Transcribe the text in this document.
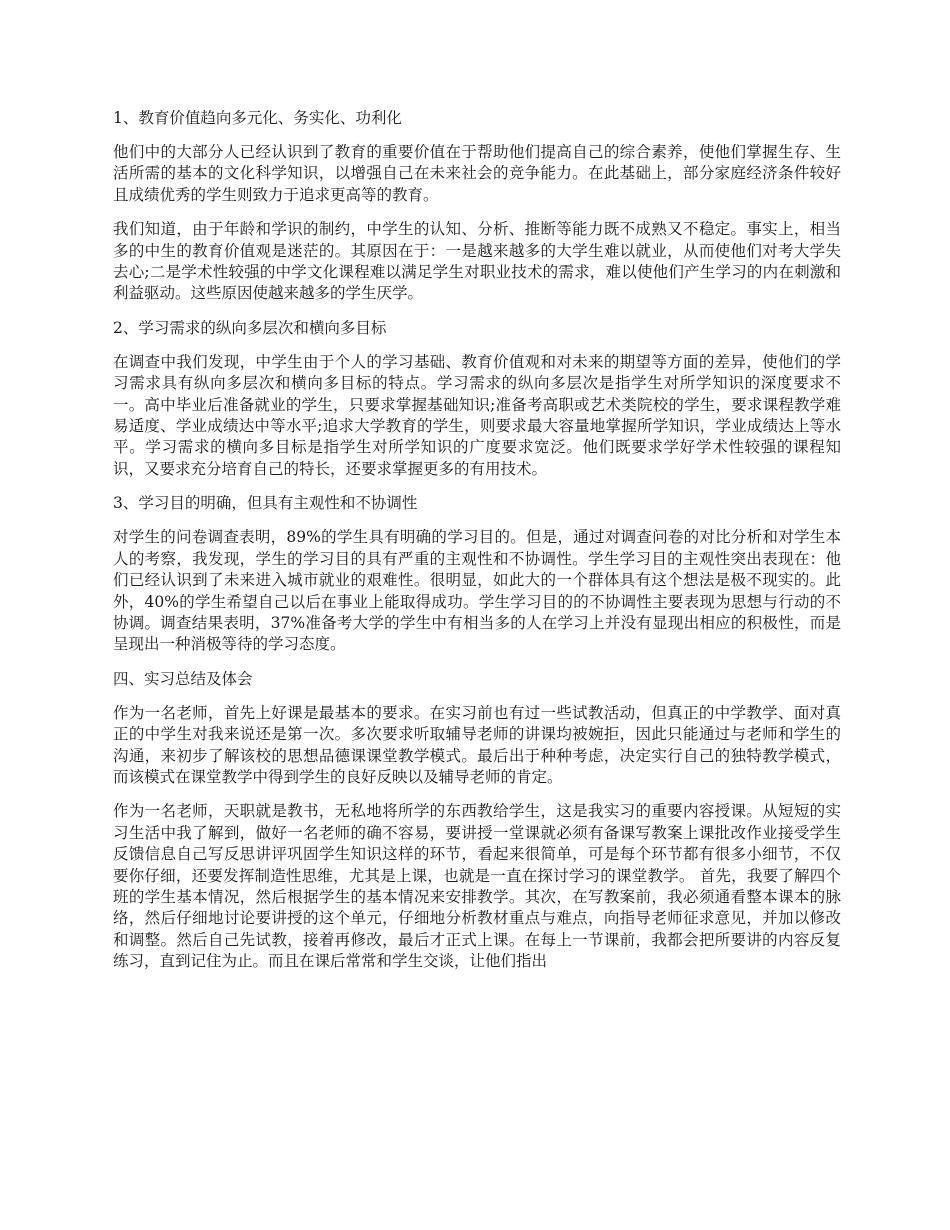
1、教育价值趋向多元化、务实化、功利化

他们中的大部分人已经认识到了教育的重要价值在于帮助他们提高自己的综合素养，使他们掌握生存、生活所需的基本的文化科学知识，以增强自己在未来社会的竞争能力。在此基础上，部分家庭经济条件较好且成绩优秀的学生则致力于追求更高等的教育。

我们知道，由于年龄和学识的制约，中学生的认知、分析、推断等能力既不成熟又不稳定。事实上，相当多的中生的教育价值观是迷茫的。其原因在于：一是越来越多的大学生难以就业，从而使他们对考大学失去心;二是学术性较强的中学文化课程难以满足学生对职业技术的需求，难以使他们产生学习的内在刺激和利益驱动。这些原因使越来越多的学生厌学。

2、学习需求的纵向多层次和横向多目标

在调查中我们发现，中学生由于个人的学习基础、教育价值观和对未来的期望等方面的差异，使他们的学习需求具有纵向多层次和横向多目标的特点。学习需求的纵向多层次是指学生对所学知识的深度要求不一。高中毕业后准备就业的学生，只要求掌握基础知识;准备考高职或艺术类院校的学生，要求课程教学难易适度、学业成绩达中等水平;追求大学教育的学生，则要求最大容量地掌握所学知识，学业成绩达上等水平。学习需求的横向多目标是指学生对所学知识的广度要求宽泛。他们既要求学好学术性较强的课程知识，又要求充分培育自己的特长，还要求掌握更多的有用技术。

3、学习目的明确，但具有主观性和不协调性

对学生的问卷调查表明，89%的学生具有明确的学习目的。但是，通过对调查问卷的对比分析和对学生本人的考察，我发现，学生的学习目的具有严重的主观性和不协调性。学生学习目的主观性突出表现在：他们已经认识到了未来进入城市就业的艰难性。很明显，如此大的一个群体具有这个想法是极不现实的。此外，40%的学生希望自己以后在事业上能取得成功。学生学习目的的不协调性主要表现为思想与行动的不协调。调查结果表明，37%准备考大学的学生中有相当多的人在学习上并没有显现出相应的积极性，而是呈现出一种消极等待的学习态度。

四、实习总结及体会

作为一名老师，首先上好课是最基本的要求。在实习前也有过一些试教活动，但真正的中学教学、面对真正的中学生对我来说还是第一次。多次要求听取辅导老师的讲课均被婉拒，因此只能通过与老师和学生的沟通，来初步了解该校的思想品德课课堂教学模式。最后出于种种考虑，决定实行自己的独特教学模式， 而该模式在课堂教学中得到学生的良好反映以及辅导老师的肯定。

作为一名老师，天职就是教书，无私地将所学的东西教给学生，这是我实习的重要内容授课。从短短的实习生活中我了解到，做好一名老师的确不容易，要讲授一堂课就必须有备课写教案上课批改作业接受学生反馈信息自己写反思讲评巩固学生知识这样的环节，看起来很简单，可是每个环节都有很多小细节，不仅要你仔细，还要发挥制造性思维，尤其是上课，也就是一直在探讨学习的课堂教学。 首先，我要了解四个班的学生基本情况，然后根据学生的基本情况来安排教学。其次，在写教案前，我必须通看整本课本的脉络，然后仔细地讨论要讲授的这个单元，仔细地分析教材重点与难点，向指导老师征求意见，并加以修改和调整。然后自己先试教，接着再修改，最后才正式上课。在每上一节课前，我都会把所要讲的内容反复练习，直到记住为止。而且在课后常常和学生交谈，让他们指出
